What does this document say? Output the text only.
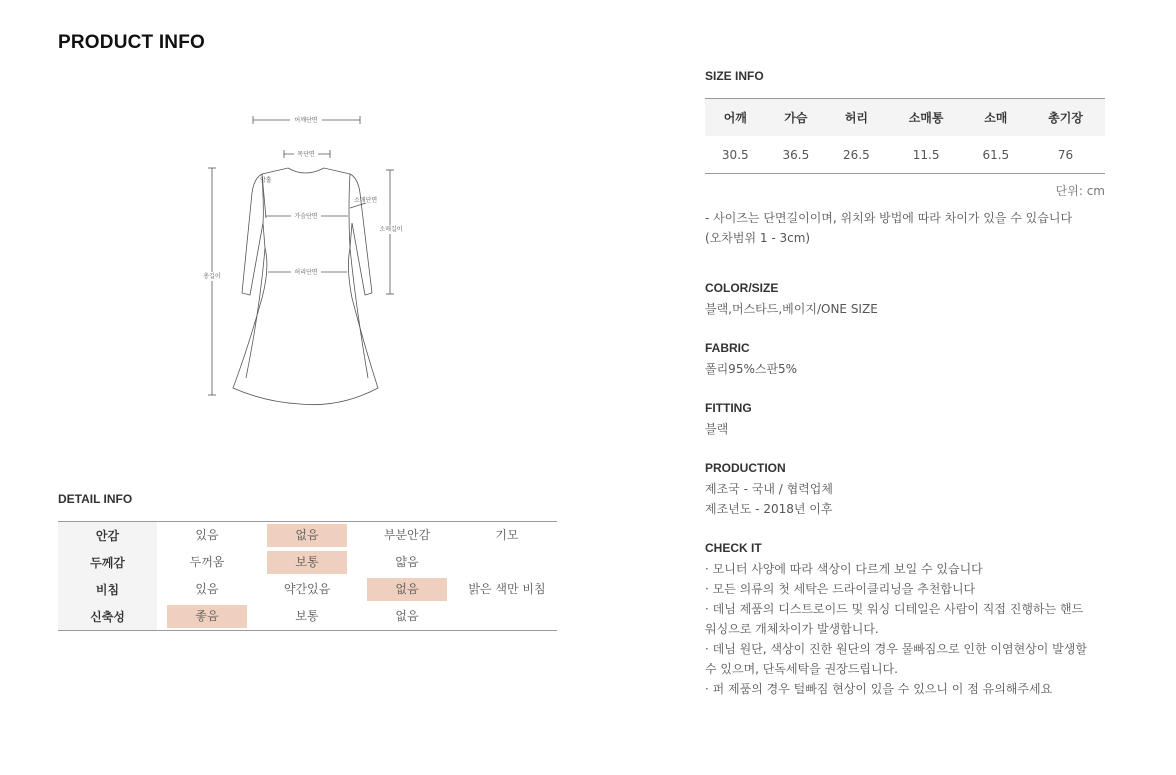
PRODUCT INFO
어깨단면
목단면
암홀
가슴단면
소매단면
소매길이
허리단면
총길이
DETAIL INFO
안감	있음	없음	부분안감	기모
두께감	두꺼움	보통	얇음	
비침	있음	약간있음	없음	밝은 색만 비침
신축성	좋음	보통	없음	
SIZE INFO
어깨	가슴	허리	소매통	소매	총기장
30.5	36.5	26.5	11.5	61.5	76
단위: cm
- 사이즈는 단면길이이며, 위치와 방법에 따라 차이가 있을 수 있습니다
(오차범위 1 - 3cm)
COLOR/SIZE
블랙,머스타드,베이지/ONE SIZE
FABRIC
폴리95%스판5%
FITTING
블랙
PRODUCTION
제조국 - 국내 / 협력업체
제조년도 - 2018년 이후
CHECK IT
· 모니터 사양에 따라 색상이 다르게 보일 수 있습니다
· 모든 의류의 첫 세탁은 드라이클리닝을 추천합니다
· 데님 제품의 디스트로이드 및 워싱 디테일은 사람이 직접 진행하는 핸드
워싱으로 개체차이가 발생합니다.
· 데님 원단, 색상이 진한 원단의 경우 물빠짐으로 인한 이염현상이 발생할
수 있으며, 단독세탁을 권장드립니다.
· 퍼 제품의 경우 털빠짐 현상이 있을 수 있으니 이 점 유의해주세요
